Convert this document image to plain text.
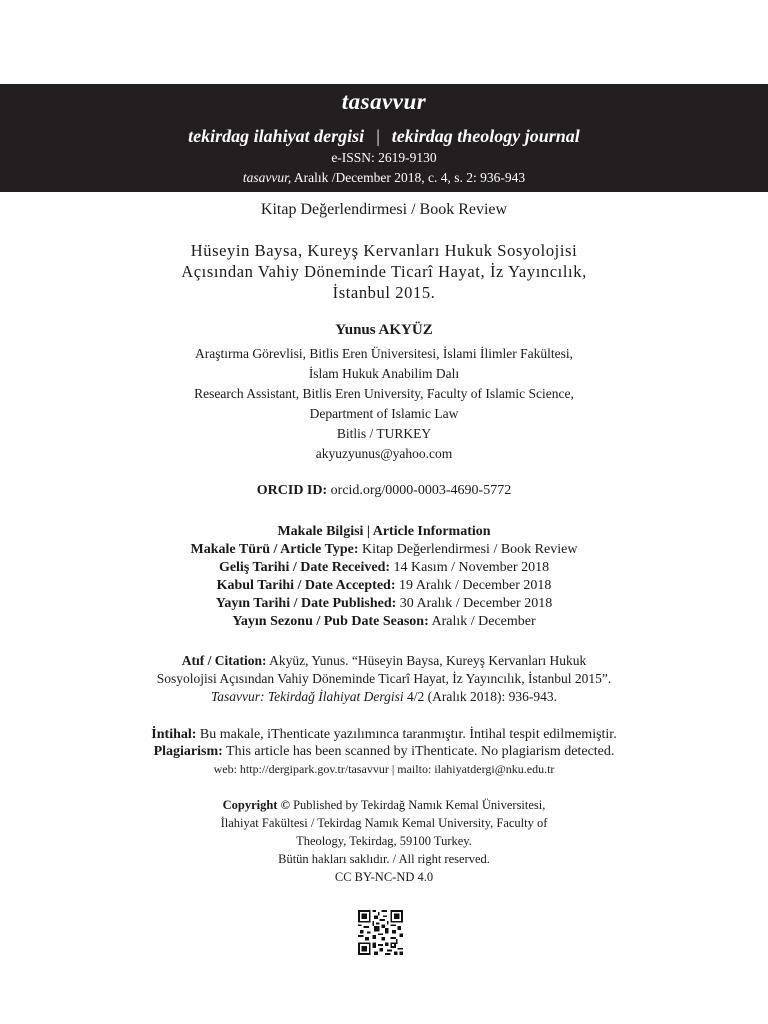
tasavvur
tekirdag ilahiyat dergisi | tekirdag theology journal
e-ISSN: 2619-9130
tasavvur, Aralık /December 2018, c. 4, s. 2: 936-943
Kitap Değerlendirmesi / Book Review
Hüseyin Baysa, Kureyş Kervanları Hukuk Sosyolojisi
Açısından Vahiy Döneminde Ticarî Hayat, İz Yayıncılık,
İstanbul 2015.
Yunus AKYÜZ
Araştırma Görevlisi, Bitlis Eren Üniversitesi, İslami İlimler Fakültesi,
İslam Hukuk Anabilim Dalı
Research Assistant, Bitlis Eren University, Faculty of Islamic Science,
Department of Islamic Law
Bitlis / TURKEY
akyuzyunus@yahoo.com
ORCID ID: orcid.org/0000-0003-4690-5772
Makale Bilgisi | Article Information
Makale Türü / Article Type: Kitap Değerlendirmesi / Book Review
Geliş Tarihi / Date Received: 14 Kasım / November 2018
Kabul Tarihi / Date Accepted: 19 Aralık / December 2018
Yayın Tarihi / Date Published: 30 Aralık / December 2018
Yayın Sezonu / Pub Date Season: Aralık / December
Atıf / Citation: Akyüz, Yunus. “Hüseyin Baysa, Kureyş Kervanları Hukuk
Sosyolojisi Açısından Vahiy Döneminde Ticarî Hayat, İz Yayıncılık, İstanbul 2015”.
Tasavvur: Tekirdağ İlahiyat Dergisi 4/2 (Aralık 2018): 936-943.
İntihal: Bu makale, iThenticate yazılımınca taranmıştır. İntihal tespit edilmemiştir.
Plagiarism: This article has been scanned by iThenticate. No plagiarism detected.
web: http://dergipark.gov.tr/tasavvur | mailto: ilahiyatdergi@nku.edu.tr
Copyright © Published by Tekirdağ Namık Kemal Üniversitesi,
İlahiyat Fakültesi / Tekirdag Namık Kemal University, Faculty of
Theology, Tekirdag, 59100 Turkey.
Bütün hakları saklıdır. / All right reserved.
CC BY-NC-ND 4.0
